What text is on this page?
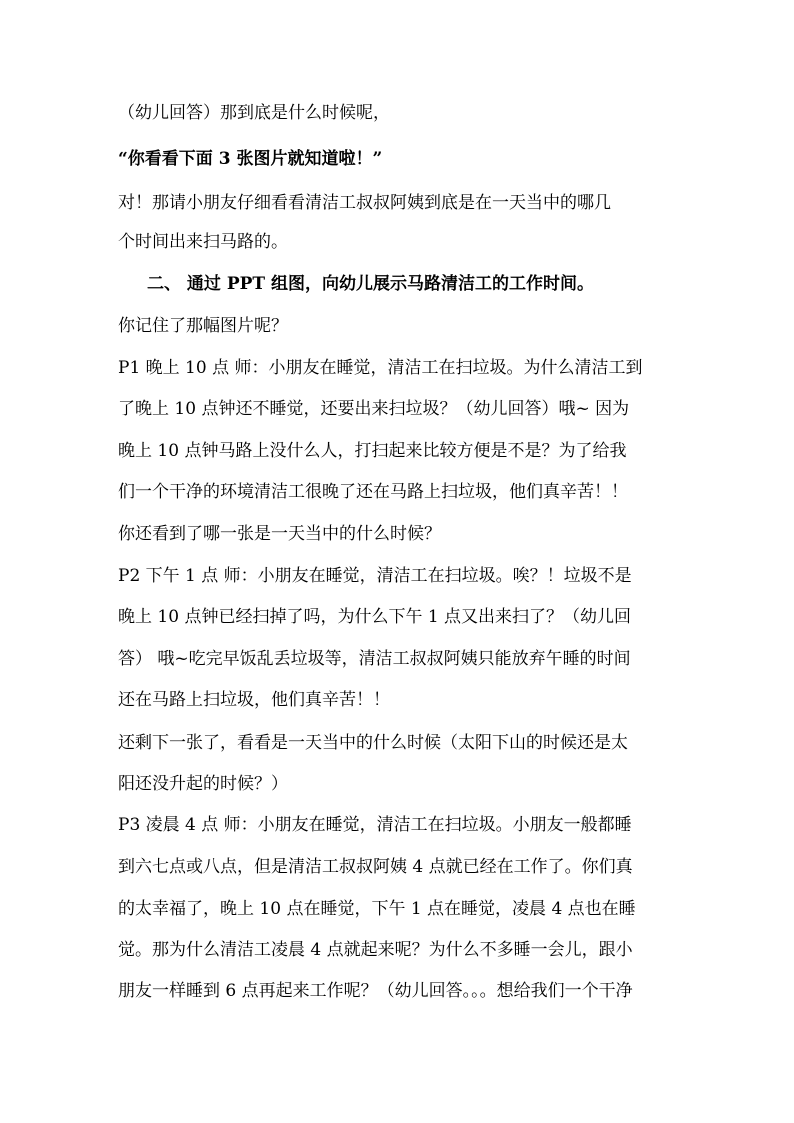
（幼儿回答）那到底是什么时候呢，
“你看看下面 3 张图片就知道啦！”
对！那请小朋友仔细看看清洁工叔叔阿姨到底是在一天当中的哪几
个时间出来扫马路的。
二、 通过 PPT 组图，向幼儿展示马路清洁工的工作时间。
你记住了那幅图片呢？
P1 晚上 10 点 师：小朋友在睡觉，清洁工在扫垃圾。为什么清洁工到
了晚上 10 点钟还不睡觉，还要出来扫垃圾？（幼儿回答）哦~ 因为
晚上 10 点钟马路上没什么人，打扫起来比较方便是不是？为了给我
们一个干净的环境清洁工很晚了还在马路上扫垃圾，他们真辛苦！！
你还看到了哪一张是一天当中的什么时候？
P2 下午 1 点 师：小朋友在睡觉，清洁工在扫垃圾。唉？！垃圾不是
晚上 10 点钟已经扫掉了吗，为什么下午 1 点又出来扫了？（幼儿回
答） 哦~吃完早饭乱丢垃圾等，清洁工叔叔阿姨只能放弃午睡的时间
还在马路上扫垃圾，他们真辛苦！！
还剩下一张了，看看是一天当中的什么时候（太阳下山的时候还是太
阳还没升起的时候？）
P3 凌晨 4 点 师：小朋友在睡觉，清洁工在扫垃圾。小朋友一般都睡
到六七点或八点，但是清洁工叔叔阿姨 4 点就已经在工作了。你们真
的太幸福了，晚上 10 点在睡觉，下午 1 点在睡觉，凌晨 4 点也在睡
觉。那为什么清洁工凌晨 4 点就起来呢？为什么不多睡一会儿，跟小
朋友一样睡到 6 点再起来工作呢？（幼儿回答。。。想给我们一个干净
